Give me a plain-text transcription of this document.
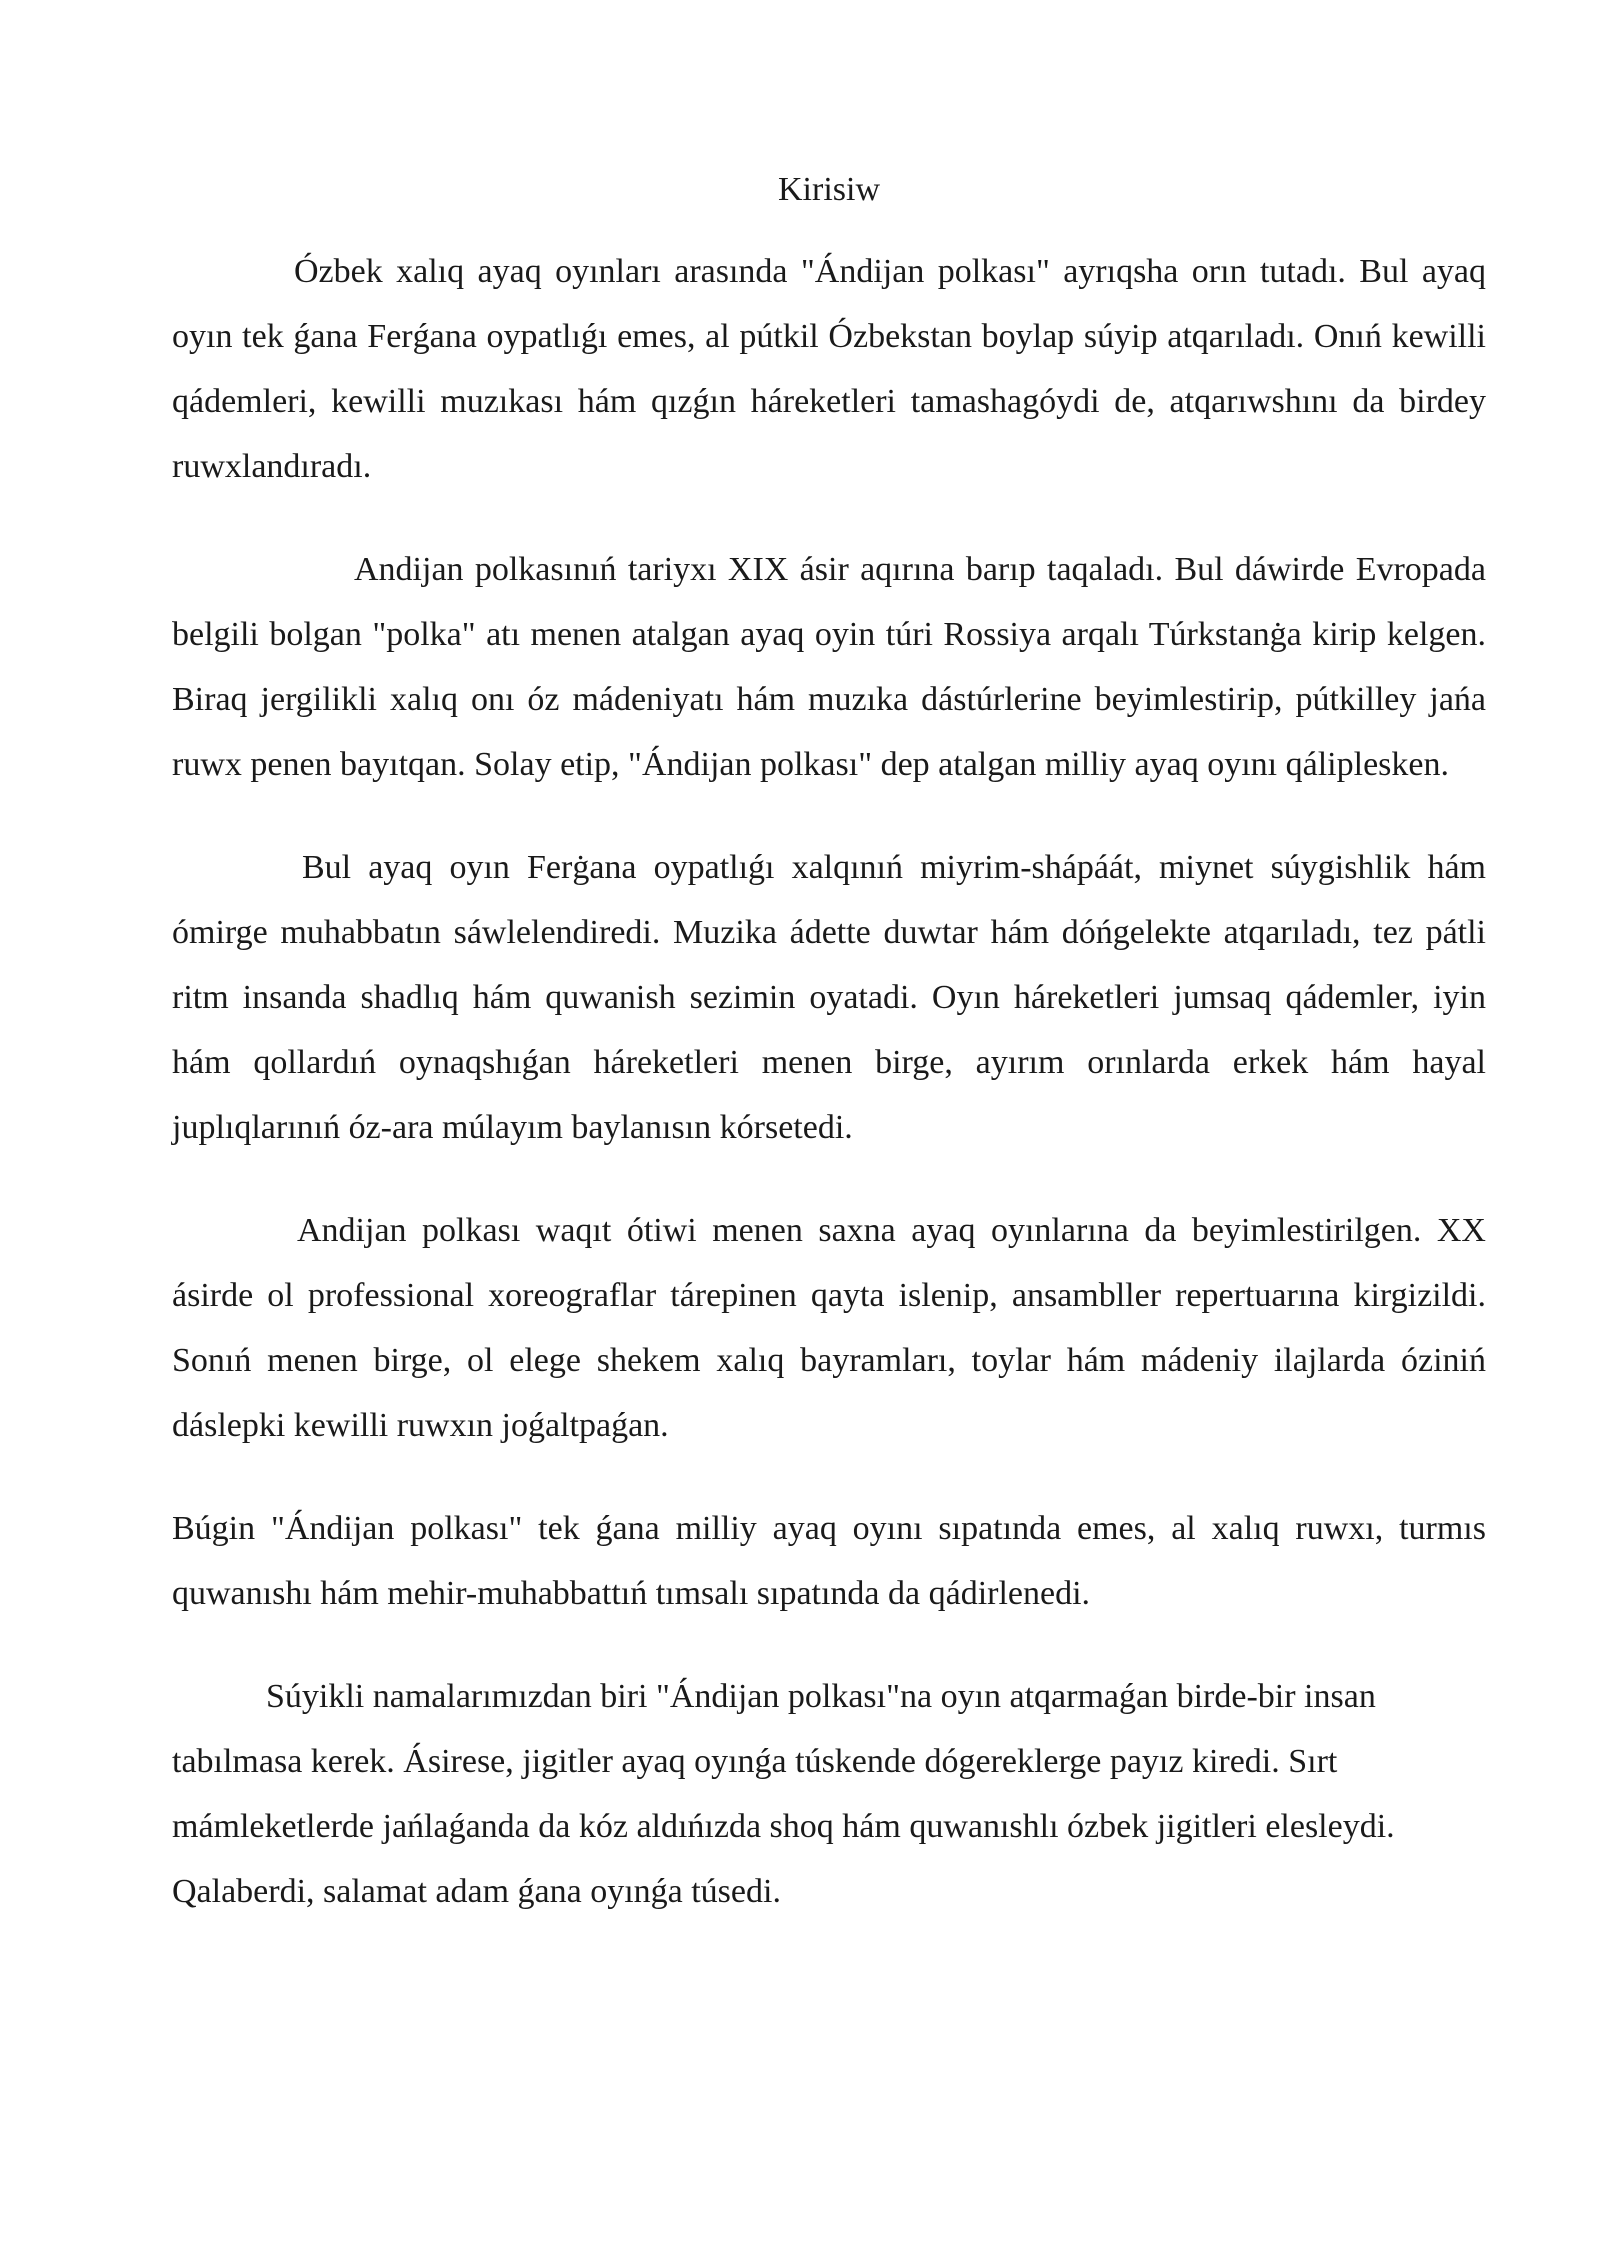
Kirisiw

Ózbek xalıq ayaq oyınları arasında "Ándijan polkası" ayrıqsha orın tutadı. Bul ayaq oyın tek ǵana Ferǵana oypatlıǵı emes, al pútkil Ózbekstan boylap súyip atqarıladı. Onıń kewilli qádemleri, kewilli muzıkası hám qızǵın háreketleri tamashagóydi de, atqarıwshını da birdey ruwxlandıradı.

Andijan polkasınıń tariyxı XIX ásir aqırına barıp taqaladı. Bul dáwirde Evropada belgili bolgan "polka" atı menen atalgan ayaq oyin túri Rossiya arqalı Túrkstanġa kirip kelgen. Biraq jergilikli xalıq onı óz mádeniyatı hám muzıka dástúrlerine beyimlestirip, pútkilley jańa ruwx penen bayıtqan. Solay etip, "Ándijan polkası" dep atalgan milliy ayaq oyını qáliplesken.

Bul ayaq oyın Ferġana oypatlıǵı xalqınıń miyrim-shápáát, miynet súygishlik hám ómirge muhabbatın sáwlelendiredi. Muzika ádette duwtar hám dóńgelekte atqarıladı, tez pátli ritm insanda shadlıq hám quwanish sezimin oyatadi. Oyın háreketleri jumsaq qádemler, iyin hám qollardıń oynaqshıǵan háreketleri menen birge, ayırım orınlarda erkek hám hayal juplıqlarınıń óz-ara múlayım baylanısın kórsetedi.

Andijan polkası waqıt ótiwi menen saxna ayaq oyınlarına da beyimlestirilgen. XX ásirde ol professional xoreograflar tárepinen qayta islenip, ansambller repertuarına kirgizildi. Sonıń menen birge, ol elege shekem xalıq bayramları, toylar hám mádeniy ilajlarda óziniń dáslepki kewilli ruwxın joǵaltpaǵan.

Búgin "Ándijan polkası" tek ǵana milliy ayaq oyını sıpatında emes, al xalıq ruwxı, turmıs quwanıshı hám mehir-muhabbattıń tımsalı sıpatında da qádirlenedi.

Súyikli namalarımızdan biri "Ándijan polkası"na oyın atqarmaǵan birde-bir insan tabılmasa kerek. Ásirese, jigitler ayaq oyınǵa túskende dógereklerge payız kiredi. Sırt mámleketlerde jańlaǵanda da kóz aldıńızda shoq hám quwanıshlı ózbek jigitleri elesleydi. Qalaberdi, salamat adam ǵana oyınǵa túsedi.
